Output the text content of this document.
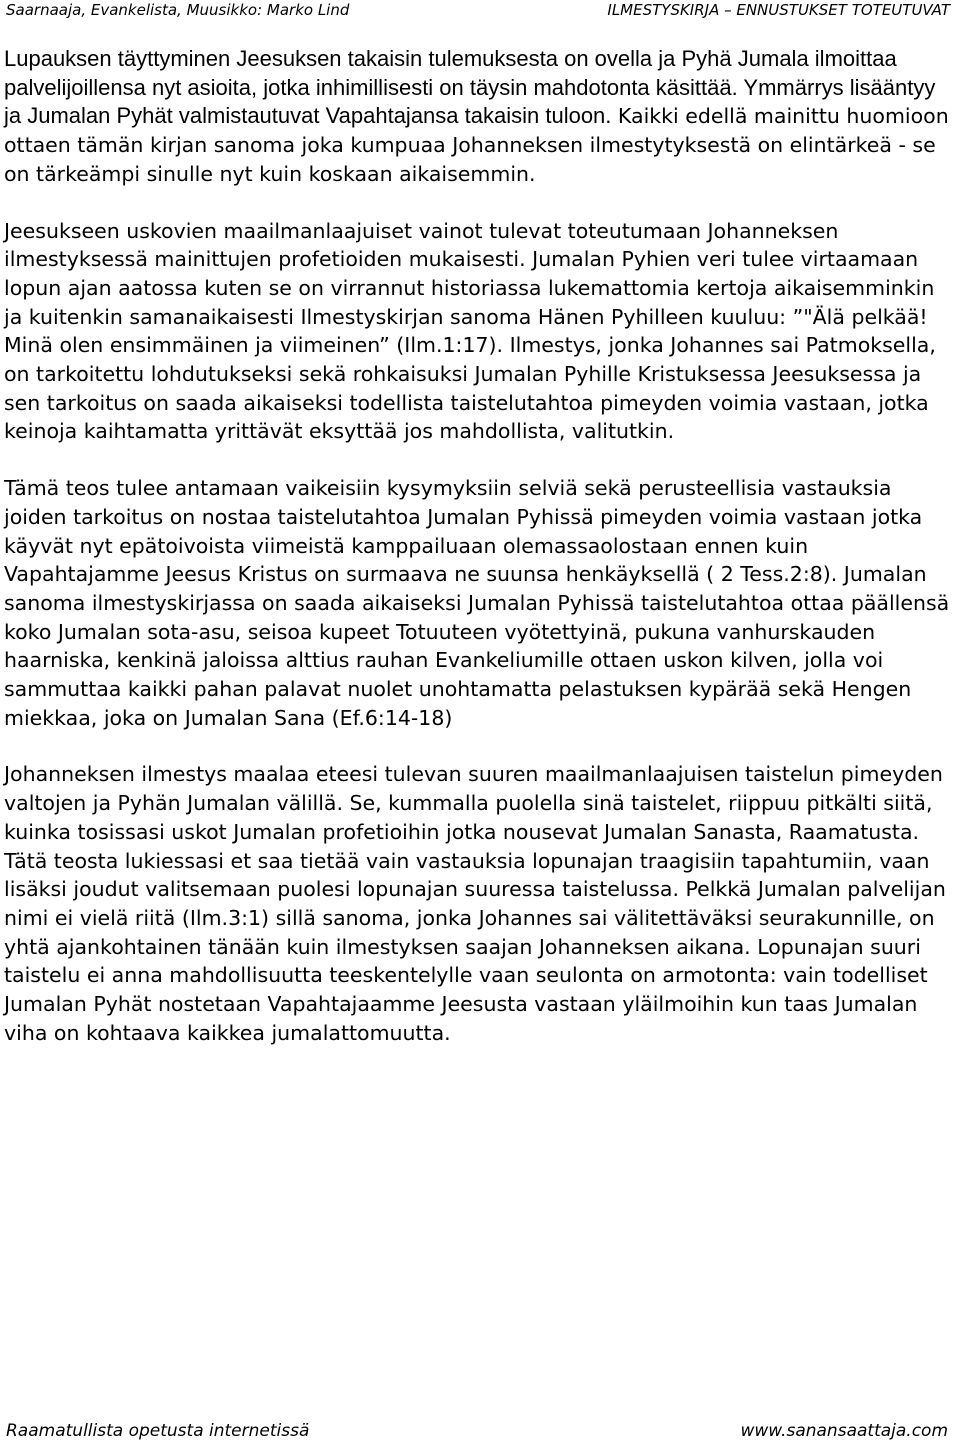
Saarnaaja, Evankelista, Muusikko: Marko Lind	ILMESTYSKIRJA – ENNUSTUKSET TOTEUTUVAT

Lupauksen täyttyminen Jeesuksen takaisin tulemuksesta on ovella ja Pyhä Jumala ilmoittaa palvelijoillensa nyt asioita, jotka inhimillisesti on täysin mahdotonta käsittää. Ymmärrys lisääntyy ja Jumalan Pyhät valmistautuvat Vapahtajansa takaisin tuloon. Kaikki edellä mainittu huomioon ottaen tämän kirjan sanoma joka kumpuaa Johanneksen ilmestytyksestä on elintärkeä - se on tärkeämpi sinulle nyt kuin koskaan aikaisemmin.

Jeesukseen uskovien maailmanlaajuiset vainot tulevat toteutumaan Johanneksen ilmestyksessä mainittujen profetioiden mukaisesti. Jumalan Pyhien veri tulee virtaamaan lopun ajan aatossa kuten se on virrannut historiassa lukemattomia kertoja aikaisemminkin ja kuitenkin samanaikaisesti Ilmestyskirjan sanoma Hänen Pyhilleen kuuluu: ”"Älä pelkää! Minä olen ensimmäinen ja viimeinen” (Ilm.1:17). Ilmestys, jonka Johannes sai Patmoksella, on tarkoitettu lohdutukseksi sekä rohkaisuksi Jumalan Pyhille Kristuksessa Jeesuksessa ja sen tarkoitus on saada aikaiseksi todellista taistelutahtoa pimeyden voimia vastaan, jotka keinoja kaihtamatta yrittävät eksyttää jos mahdollista, valitutkin.

Tämä teos tulee antamaan vaikeisiin kysymyksiin selviä sekä perusteellisia vastauksia joiden tarkoitus on nostaa taistelutahtoa Jumalan Pyhissä pimeyden voimia vastaan jotka käyvät nyt epätoivoista viimeistä kamppailuaan olemassaolostaan ennen kuin Vapahtajamme Jeesus Kristus on surmaava ne suunsa henkäyksellä ( 2 Tess.2:8). Jumalan sanoma ilmestyskirjassa on saada aikaiseksi Jumalan Pyhissä taistelutahtoa ottaa päällensä koko Jumalan sota-asu, seisoa kupeet Totuuteen vyötettyinä, pukuna vanhurskauden haarniska, kenkinä jaloissa alttius rauhan Evankeliumille ottaen uskon kilven, jolla voi sammuttaa kaikki pahan palavat nuolet unohtamatta pelastuksen kypärää sekä Hengen miekkaa, joka on Jumalan Sana (Ef.6:14-18)

Johanneksen ilmestys maalaa eteesi tulevan suuren maailmanlaajuisen taistelun pimeyden valtojen ja Pyhän Jumalan välillä. Se, kummalla puolella sinä taistelet, riippuu pitkälti siitä, kuinka tosissasi uskot Jumalan profetioihin jotka nousevat Jumalan Sanasta, Raamatusta. Tätä teosta lukiessasi et saa tietää vain vastauksia lopunajan traagisiin tapahtumiin, vaan lisäksi joudut valitsemaan puolesi lopunajan suuressa taistelussa. Pelkkä Jumalan palvelijan nimi ei vielä riitä (Ilm.3:1) sillä sanoma, jonka Johannes sai välitettäväksi seurakunnille, on yhtä ajankohtainen tänään kuin ilmestyksen saajan Johanneksen aikana. Lopunajan suuri taistelu ei anna mahdollisuutta teeskentelylle vaan seulonta on armotonta: vain todelliset Jumalan Pyhät nostetaan Vapahtajaamme Jeesusta vastaan yläilmoihin kun taas Jumalan viha on kohtaava kaikkea jumalattomuutta.

Raamatullista opetusta internetissä	www.sanansaattaja.com
